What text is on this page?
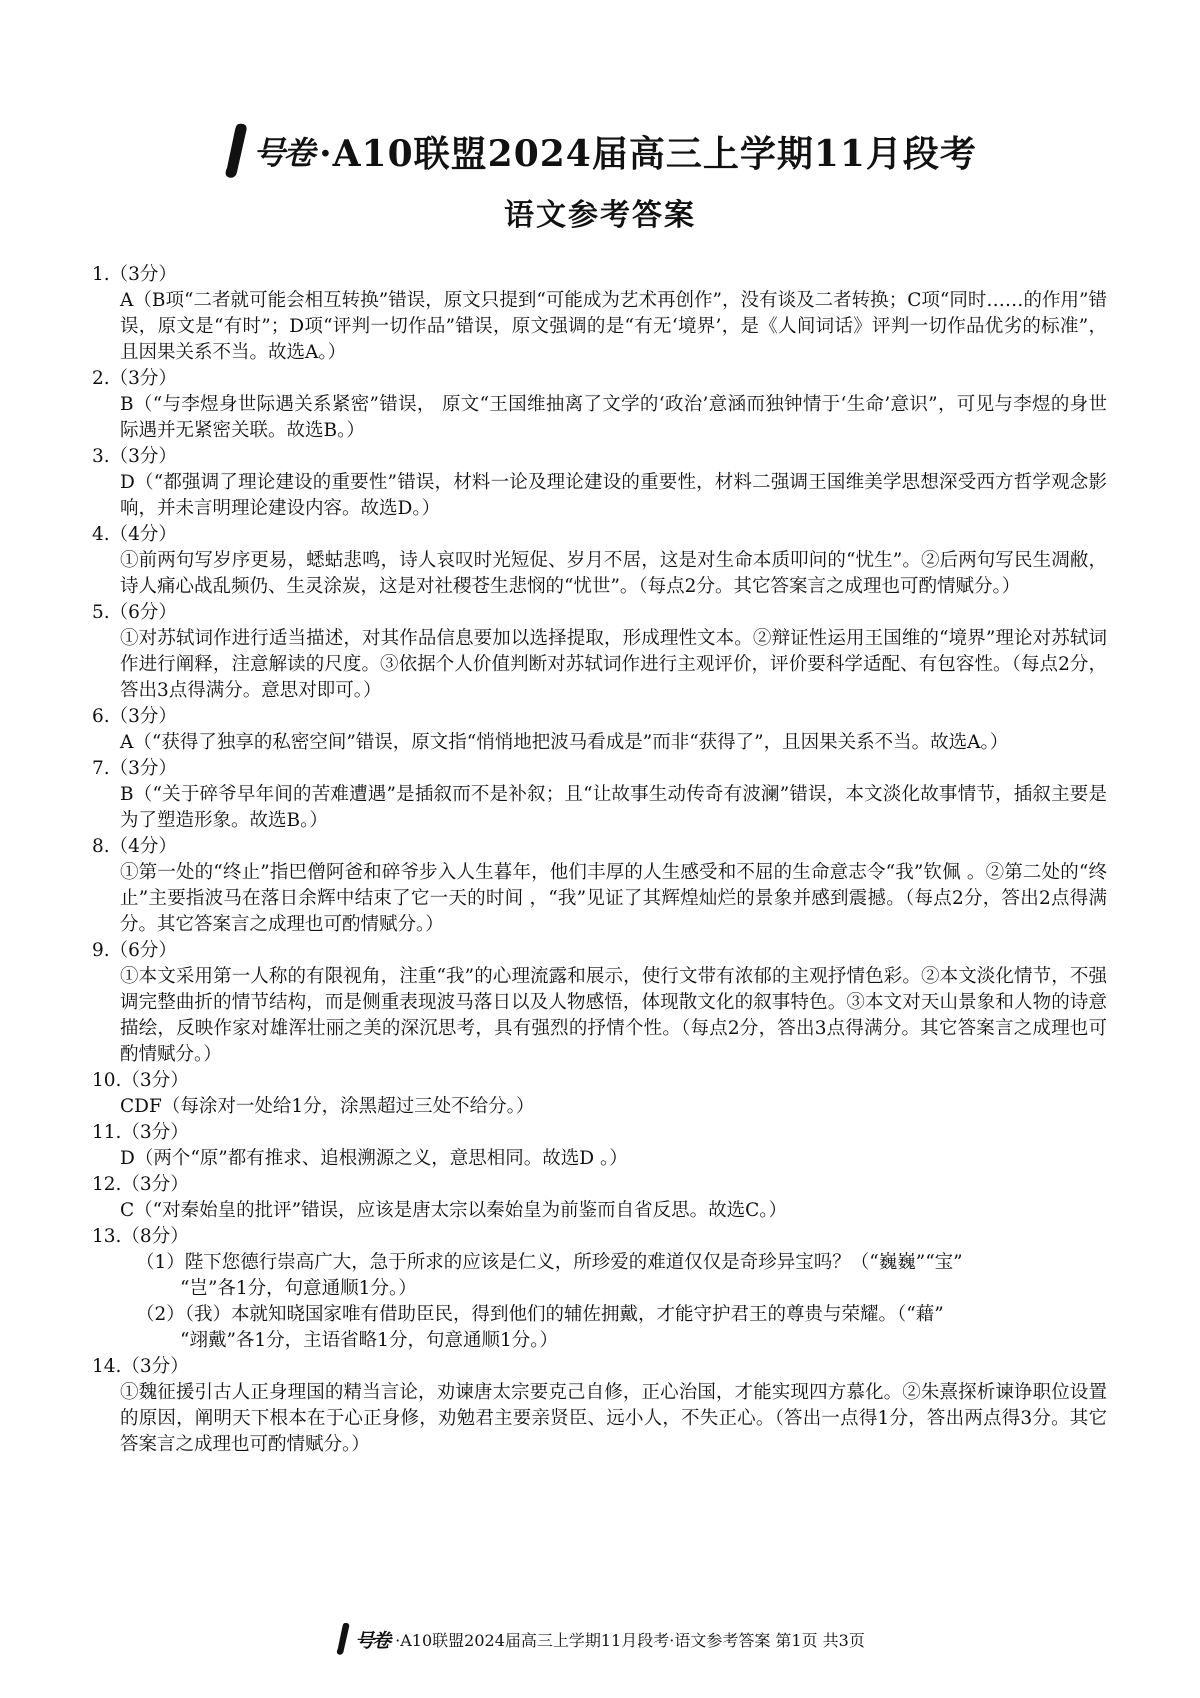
号卷 ·A10联盟2024届高三上学期11月段考
语文参考答案
1.（3分）
A（B项“二者就可能会相互转换”错误，原文只提到“可能成为艺术再创作”，没有谈及二者转换；C项“同时……的作用”错误，原文是“有时”；D项“评判一切作品”错误，原文强调的是“有无‘境界’，是《人间词话》评判一切作品优劣的标准”，且因果关系不当。故选A。）
2.（3分）
B（“与李煜身世际遇关系紧密”错误， 原文“王国维抽离了文学的‘政治’意涵而独钟情于‘生命’意识”，可见与李煜的身世际遇并无紧密关联。故选B。）
3.（3分）
D（“都强调了理论建设的重要性”错误，材料一论及理论建设的重要性，材料二强调王国维美学思想深受西方哲学观念影响，并未言明理论建设内容。故选D。）
4.（4分）
①前两句写岁序更易，蟋蛄悲鸣，诗人哀叹时光短促、岁月不居，这是对生命本质叩问的“忧生”。②后两句写民生凋敝，诗人痛心战乱频仍、生灵涂炭，这是对社稷苍生悲悯的“忧世”。（每点2分。其它答案言之成理也可酌情赋分。）
5.（6分）
①对苏轼词作进行适当描述，对其作品信息要加以选择提取，形成理性文本。②辩证性运用王国维的“境界”理论对苏轼词作进行阐释，注意解读的尺度。③依据个人价值判断对苏轼词作进行主观评价，评价要科学适配、有包容性。（每点2分，答出3点得满分。意思对即可。）
6.（3分）
A（“获得了独享的私密空间”错误，原文指“悄悄地把波马看成是”而非“获得了”，且因果关系不当。故选A。）
7.（3分）
B（“关于碎爷早年间的苦难遭遇”是插叙而不是补叙；且“让故事生动传奇有波澜”错误，本文淡化故事情节，插叙主要是为了塑造形象。故选B。）
8.（4分）
①第一处的“终止”指巴僧阿爸和碎爷步入人生暮年，他们丰厚的人生感受和不屈的生命意志令“我”钦佩 。②第二处的“终止”主要指波马在落日余辉中结束了它一天的时间 ，“我”见证了其辉煌灿烂的景象并感到震撼。（每点2分，答出2点得满分。其它答案言之成理也可酌情赋分。）
9.（6分）
①本文采用第一人称的有限视角，注重“我”的心理流露和展示，使行文带有浓郁的主观抒情色彩。②本文淡化情节，不强调完整曲折的情节结构，而是侧重表现波马落日以及人物感悟，体现散文化的叙事特色。③本文对天山景象和人物的诗意描绘，反映作家对雄浑壮丽之美的深沉思考，具有强烈的抒情个性。（每点2分，答出3点得满分。其它答案言之成理也可酌情赋分。）
10.（3分）
CDF（每涂对一处给1分，涂黑超过三处不给分。）
11.（3分）
D（两个“原”都有推求、追根溯源之义，意思相同。故选D 。）
12.（3分）
C（“对秦始皇的批评”错误，应该是唐太宗以秦始皇为前鉴而自省反思。故选C。）
13.（8分）
（1）陛下您德行崇高广大，急于所求的应该是仁义，所珍爱的难道仅仅是奇珍异宝吗？（“巍巍”“宝”
“岂”各1分，句意通顺1分。）
（2）（我）本就知晓国家唯有借助臣民，得到他们的辅佐拥戴，才能守护君王的尊贵与荣耀。（“藉”
“翊戴”各1分，主语省略1分，句意通顺1分。）
14.（3分）
①魏征援引古人正身理国的精当言论，劝谏唐太宗要克己自修，正心治国，才能实现四方慕化。②朱熹探析谏诤职位设置的原因，阐明天下根本在于心正身修，劝勉君主要亲贤臣、远小人，不失正心。（答出一点得1分，答出两点得3分。其它答案言之成理也可酌情赋分。）
号卷 ·A10联盟2024届高三上学期11月段考·语文参考答案 第1页 共3页
